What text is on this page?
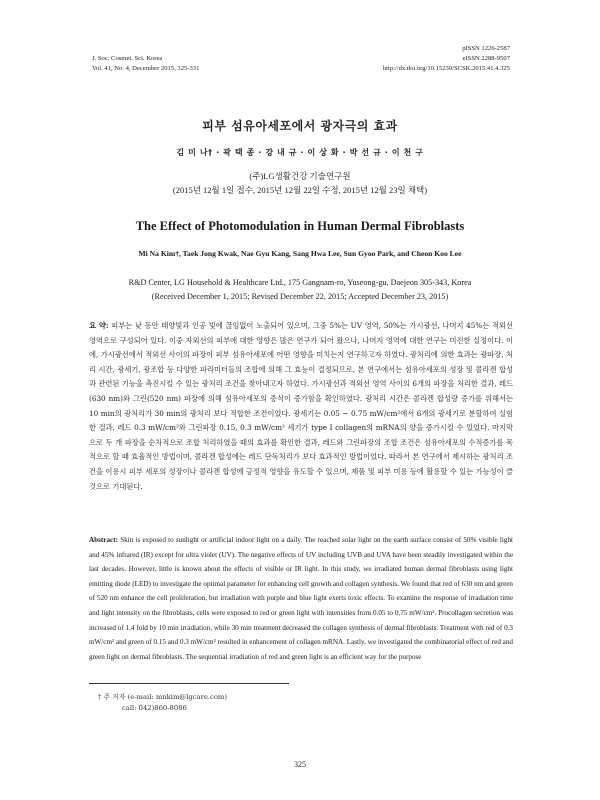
J. Soc. Cosmet. Sci. Korea
Vol. 41, No. 4, December 2015, 325-331
pISSN 1226-2587
eISSN 2288-9507
http://dx.doi.org/10.15230/SCSK.2015.41.4.325
피부 섬유아세포에서 광자극의 효과
김 미 나† · 곽 택 종 · 강 내 규 · 이 상 화 · 박 선 규 · 이 천 구
(주)LG생활건강 기술연구원
(2015년 12월 1일 접수, 2015년 12월 22일 수정, 2015년 12월 23일 채택)
The Effect of Photomodulation in Human Dermal Fibroblasts
Mi Na Kim†, Taek Jong Kwak, Nae Gyu Kang, Sang Hwa Lee, Sun Gyoo Park, and Cheon Koo Lee
R&D Center, LG Household & Healthcare Ltd., 175 Gangnam-ro, Yuseong-gu, Daejeon 305-343, Korea
(Received December 1, 2015; Revised December 22, 2015; Accepted December 23, 2015)
요 약: 피부는 낮 동안 태양빛과 인공 빛에 끊임없이 노출되어 있으며, 그중 5%는 UV 영역, 50%는 가시광선, 나머지 45%는 적외선 영역으로 구성되어 있다. 이중 자외선의 피부에 대한 영향은 많은 연구가 되어 왔으나, 나머지 영역에 대한 연구는 미진한 실정이다. 이에, 가시광선에서 적외선 사이의 파장이 피부 섬유아세포에 어떤 영향을 미치는지 연구하고자 하였다. 광처리에 의한 효과는 광파장, 처리 시간, 광세기, 광조합 등 다양한 파라미터들의 조합에 의해 그 효능이 결정되므로, 본 연구에서는 섬유아세포의 성장 및 콜라겐 합성과 관련된 기능을 촉진시킬 수 있는 광처리 조건을 찾아내고자 하였다. 가시광선과 적외선 영역 사이의 6개의 파장을 처리한 결과, 레드(630 nm)와 그린(520 nm) 파장에 의해 섬유아세포의 증식이 증가함을 확인하였다. 광처리 시간은 콜라겐 합성량 증가를 위해서는 10 min의 광처리가 30 min의 광처리 보다 적합한 조건이었다. 광세기는 0.05 ~ 0.75 mW/cm²에서 6개의 광세기로 분할하여 실험한 결과, 레드 0.3 mW/cm²와 그린파장 0.15, 0.3 mW/cm² 세기가 type I collagen의 mRNA의 양을 증가시킬 수 있었다. 마지막으로 두 개 파장을 순차적으로 조합 처리하였을 때의 효과를 확인한 결과, 레드와 그린파장의 조합 조건은 섬유아세포의 수적증가를 목적으로 할 때 효율적인 방법이며, 콜라겐 합성에는 레드 단독처리가 보다 효과적인 방법이었다. 따라서 본 연구에서 제시하는 광처리 조건을 이용시 피부 세포의 성장이나 콜라겐 합성에 긍정적 영향을 유도할 수 있으며, 제품 및 피부 미용 등에 활용할 수 있는 가능성이 클 것으로 기대된다.
Abstract: Skin is exposed to sunlight or artificial indoor light on a daily. The reached solar light on the earth surface consist of 50% visible light and 45% infrared (IR) except for ultra violet (UV). The negative effects of UV including UVB and UVA have been steadily investigated within the last decades. However, little is known about the effects of visible or IR light. In this study, we irradiated human dermal fibroblasts using light emitting diode (LED) to investigate the optimal parameter for enhancing cell growth and collagen synthesis. We found that red of 630 nm and green of 520 nm enhance the cell proliferation, but irradiation with purple and blue light exerts toxic effects. To examine the response of irradiation time and light intensity on the fibroblasts, cells were exposed to red or green light with intensities from 0.05 to 0.75 mW/cm². Procollagen secretion was increased of 1.4 fold by 10 min irradiation, while 30 min treatment decreased the collagen synthesis of dermal fibroblasts. Treatment with red of 0.3 mW/cm² and green of 0.15 and 0.3 mW/cm² resulted in enhancement of collagen mRNA. Lastly, we investigated the combinatorial effect of red and green light on dermal fibroblasts. The sequential irradiation of red and green light is an efficient way for the purpose
† 주 저자 (e-mail: mnkim@lgcare.com)
call: 042)860-8086
325
